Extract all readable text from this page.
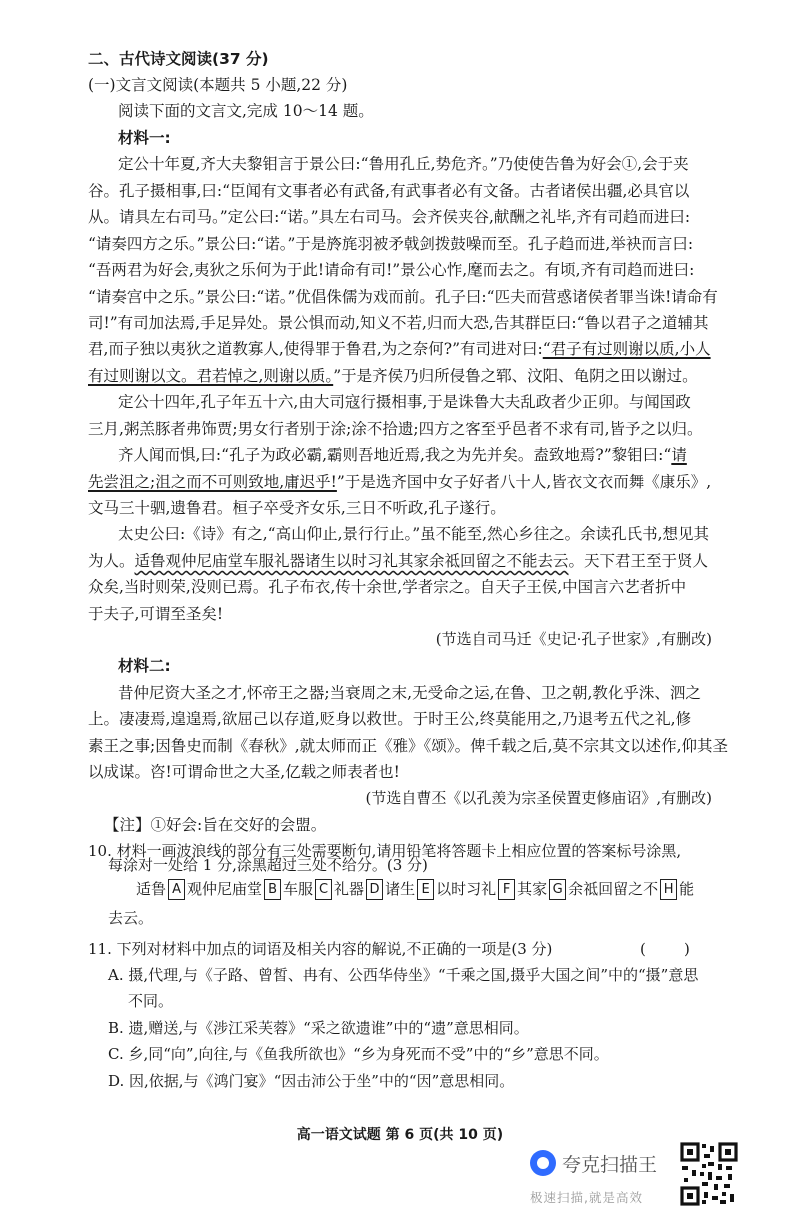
二、古代诗文阅读(37 分)
(一)文言文阅读(本题共 5 小题,22 分)
阅读下面的文言文,完成 10～14 题。
材料一:
定公十年夏,齐大夫黎钼言于景公曰:“鲁用孔丘,势危齐。”乃使使告鲁为好会①,会于夹
谷。孔子摄相事,曰:“臣闻有文事者必有武备,有武事者必有文备。古者诸侯出疆,必具官以
从。请具左右司马。”定公曰:“诺。”具左右司马。会齐侯夹谷,献酬之礼毕,齐有司趋而进曰:
“请奏四方之乐。”景公曰:“诺。”于是旍旄羽被矛戟剑拨鼓噪而至。孔子趋而进,举袂而言曰:
“吾两君为好会,夷狄之乐何为于此!请命有司!”景公心怍,麾而去之。有顷,齐有司趋而进曰:
“请奏宫中之乐。”景公曰:“诺。”优倡侏儒为戏而前。孔子曰:“匹夫而营惑诸侯者罪当诛!请命有
司!”有司加法焉,手足异处。景公惧而动,知义不若,归而大恐,告其群臣曰:“鲁以君子之道辅其
君,而子独以夷狄之道教寡人,使得罪于鲁君,为之奈何?”有司进对曰:“君子有过则谢以质,小人
有过则谢以文。君若悼之,则谢以质。”于是齐侯乃归所侵鲁之郓、汶阳、龟阴之田以谢过。
定公十四年,孔子年五十六,由大司寇行摄相事,于是诛鲁大夫乱政者少正卯。与闻国政
三月,粥羔豚者弗饰贾;男女行者别于涂;涂不拾遗;四方之客至乎邑者不求有司,皆予之以归。
齐人闻而惧,曰:“孔子为政必霸,霸则吾地近焉,我之为先并矣。盍致地焉?”黎钼曰:“请
先尝沮之;沮之而不可则致地,庸迟乎!”于是选齐国中女子好者八十人,皆衣文衣而舞《康乐》,
文马三十驷,遗鲁君。桓子卒受齐女乐,三日不听政,孔子遂行。
太史公曰:《诗》有之,“高山仰止,景行行止。”虽不能至,然心乡往之。余读孔氏书,想见其
为人。适鲁观仲尼庙堂车服礼器诸生以时习礼其家余祗回留之不能去云。天下君王至于贤人
众矣,当时则荣,没则已焉。孔子布衣,传十余世,学者宗之。自天子王侯,中国言六艺者折中
于夫子,可谓至圣矣!
(节选自司马迁《史记·孔子世家》,有删改)
材料二:
昔仲尼资大圣之才,怀帝王之器;当衰周之末,无受命之运,在鲁、卫之朝,教化乎洙、泗之
上。凄凄焉,遑遑焉,欲屈己以存道,贬身以救世。于时王公,终莫能用之,乃退考五代之礼,修
素王之事;因鲁史而制《春秋》,就太师而正《雅》《颂》。俾千载之后,莫不宗其文以述作,仰其圣
以成谋。咨!可谓命世之大圣,亿载之师表者也!
(节选自曹丕《以孔羡为宗圣侯置吏修庙诏》,有删改)
【注】①好会:旨在交好的会盟。
10. 材料一画波浪线的部分有三处需要断句,请用铅笔将答题卡上相应位置的答案标号涂黑,
每涂对一处给 1 分,涂黑超过三处不给分。(3 分)
适鲁 A 观仲尼庙堂 B 车服 C 礼器 D 诸生 E 以时习礼 F 其家 G 余祗回留之不 H 能
去云。
11. 下列对材料中加点的词语及相关内容的解说,不正确的一项是(3 分)	(        )
A. 摄,代理,与《子路、曾皙、冉有、公西华侍坐》“千乘之国,摄乎大国之间”中的“摄”意思
不同。
B. 遗,赠送,与《涉江采芙蓉》“采之欲遗谁”中的“遗”意思相同。
C. 乡,同“向”,向往,与《鱼我所欲也》“乡为身死而不受”中的“乡”意思不同。
D. 因,依据,与《鸿门宴》“因击沛公于坐”中的“因”意思相同。
高一语文试题 第 6 页(共 10 页)
夸克扫描王
极速扫描,就是高效
